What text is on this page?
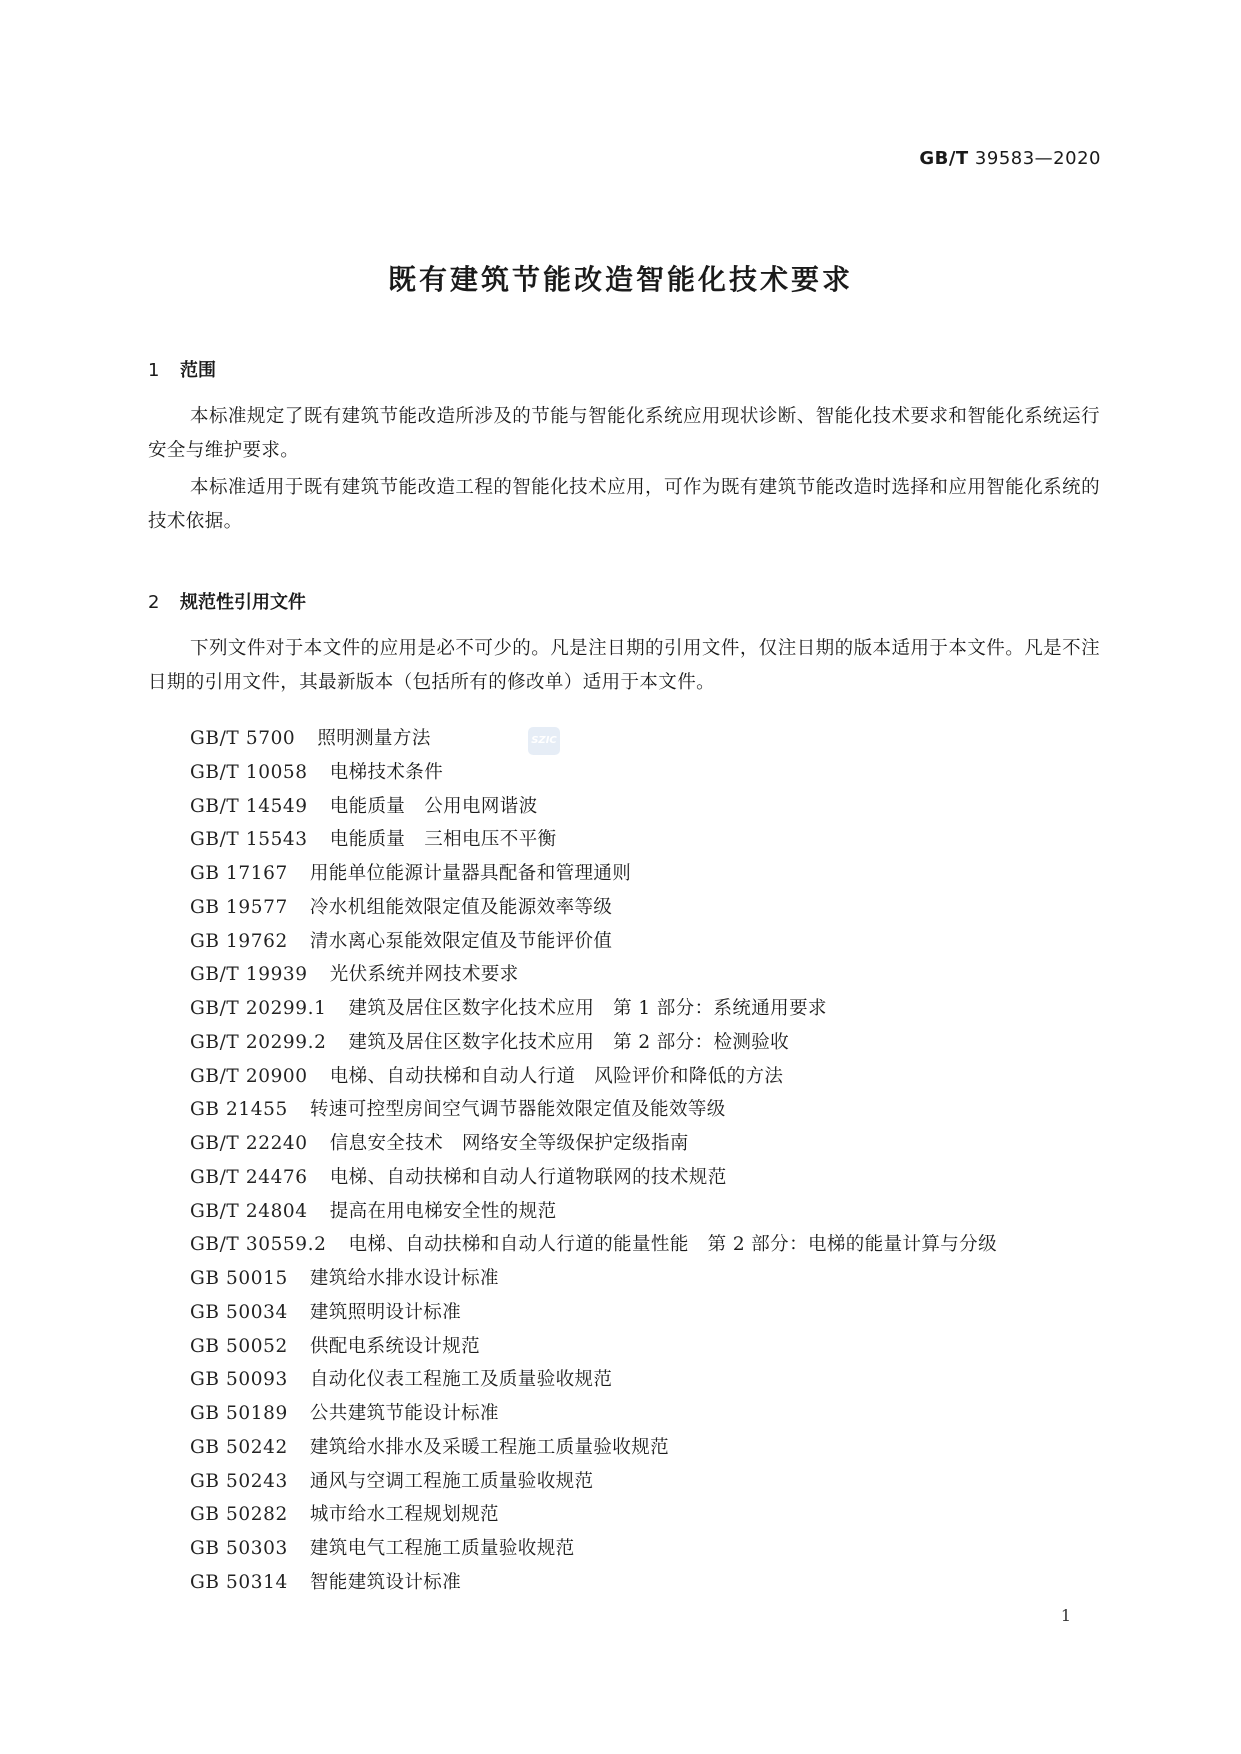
GB/T 39583—2020
既有建筑节能改造智能化技术要求
1 范围

本标准规定了既有建筑节能改造所涉及的节能与智能化系统应用现状诊断、智能化技术要求和智能化系统运行安全与维护要求。

本标准适用于既有建筑节能改造工程的智能化技术应用，可作为既有建筑节能改造时选择和应用智能化系统的技术依据。

2 规范性引用文件

下列文件对于本文件的应用是必不可少的。凡是注日期的引用文件，仅注日期的版本适用于本文件。凡是不注日期的引用文件，其最新版本（包括所有的修改单）适用于本文件。

GB/T 5700 照明测量方法
GB/T 10058 电梯技术条件
GB/T 14549 电能质量　公用电网谐波
GB/T 15543 电能质量　三相电压不平衡
GB 17167 用能单位能源计量器具配备和管理通则
GB 19577 冷水机组能效限定值及能源效率等级
GB 19762 清水离心泵能效限定值及节能评价值
GB/T 19939 光伏系统并网技术要求
GB/T 20299.1 建筑及居住区数字化技术应用　第 1 部分：系统通用要求
GB/T 20299.2 建筑及居住区数字化技术应用　第 2 部分：检测验收
GB/T 20900 电梯、自动扶梯和自动人行道　风险评价和降低的方法
GB 21455 转速可控型房间空气调节器能效限定值及能效等级
GB/T 22240 信息安全技术　网络安全等级保护定级指南
GB/T 24476 电梯、自动扶梯和自动人行道物联网的技术规范
GB/T 24804 提高在用电梯安全性的规范
GB/T 30559.2 电梯、自动扶梯和自动人行道的能量性能　第 2 部分：电梯的能量计算与分级
GB 50015 建筑给水排水设计标准
GB 50034 建筑照明设计标准
GB 50052 供配电系统设计规范
GB 50093 自动化仪表工程施工及质量验收规范
GB 50189 公共建筑节能设计标准
GB 50242 建筑给水排水及采暖工程施工质量验收规范
GB 50243 通风与空调工程施工质量验收规范
GB 50282 城市给水工程规划规范
GB 50303 建筑电气工程施工质量验收规范
GB 50314 智能建筑设计标准
SZIC
1
